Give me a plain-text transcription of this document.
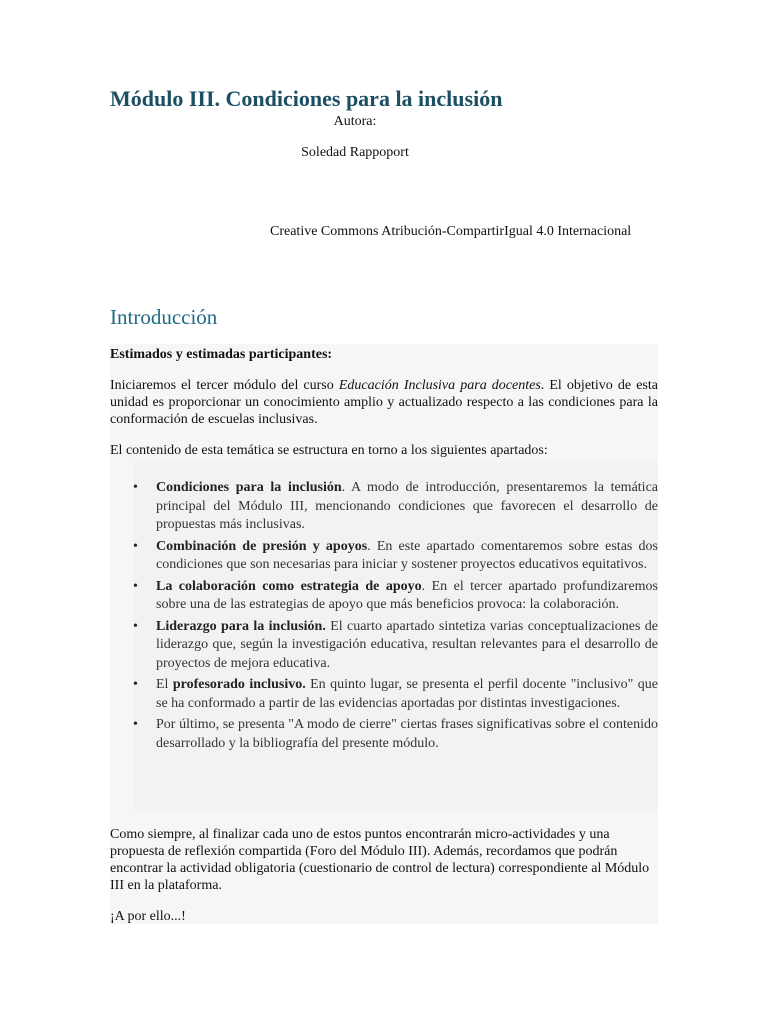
Módulo III. Condiciones para la inclusión
Autora:
Soledad Rappoport
Creative Commons Atribución-CompartirIgual 4.0 Internacional
Introducción
Estimados y estimadas participantes:
Iniciaremos el tercer módulo del curso Educación Inclusiva para docentes. El objetivo de esta unidad es proporcionar un conocimiento amplio y actualizado respecto a las condiciones para la conformación de escuelas inclusivas.
El contenido de esta temática se estructura en torno a los siguientes apartados:
• Condiciones para la inclusión. A modo de introducción, presentaremos la temática principal del Módulo III, mencionando condiciones que favorecen el desarrollo de propuestas más inclusivas.
• Combinación de presión y apoyos. En este apartado comentaremos sobre estas dos condiciones que son necesarias para iniciar y sostener proyectos educativos equitativos.
• La colaboración como estrategia de apoyo. En el tercer apartado profundizaremos sobre una de las estrategias de apoyo que más beneficios provoca: la colaboración.
• Liderazgo para la inclusión. El cuarto apartado sintetiza varias conceptualizaciones de liderazgo que, según la investigación educativa, resultan relevantes para el desarrollo de proyectos de mejora educativa.
• El profesorado inclusivo. En quinto lugar, se presenta el perfil docente "inclusivo" que se ha conformado a partir de las evidencias aportadas por distintas investigaciones.
• Por último, se presenta "A modo de cierre" ciertas frases significativas sobre el contenido desarrollado y la bibliografía del presente módulo.
Como siempre, al finalizar cada uno de estos puntos encontrarán micro-actividades y una propuesta de reflexión compartida (Foro del Módulo III). Además, recordamos que podrán encontrar la actividad obligatoria (cuestionario de control de lectura) correspondiente al Módulo III en la plataforma.
¡A por ello...!
